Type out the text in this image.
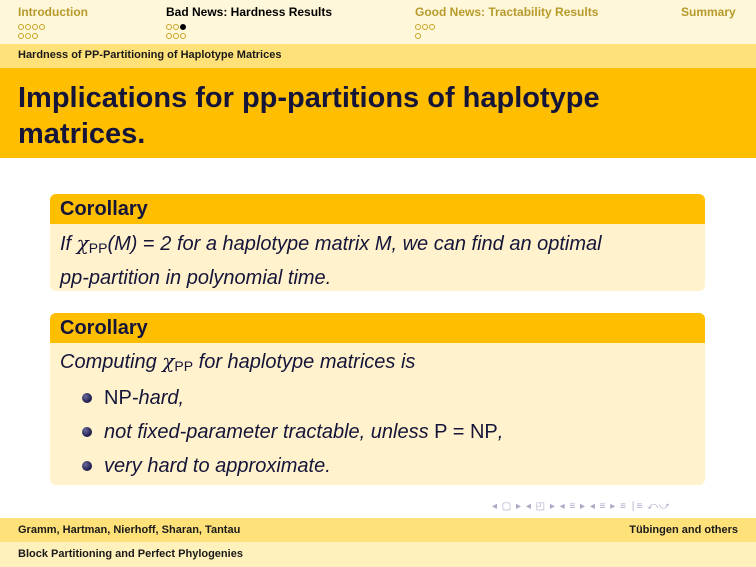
Introduction	Bad News: Hardness Results	Good News: Tractability Results	Summary
Hardness of PP-Partitioning of Haplotype Matrices
Implications for pp-partitions of haplotype matrices.
Corollary
If $\chi_{PP}(M) = 2$ for a haplotype matrix M, we can find an optimal
pp-partition in polynomial time.
Corollary
Computing $\chi_{PP}$ for haplotype matrices is
NP-hard,
not fixed-parameter tractable, unless P = NP,
very hard to approximate.
◂ ▢ ▸ ◂ ◰ ▸ ◂ ≡ ▸ ◂ ≡ ▸ ≡ ∣≡ ⤺⤻
Gramm, Hartman, Nierhoff, Sharan, Tantau	Tübingen and others
Block Partitioning and Perfect Phylogenies
